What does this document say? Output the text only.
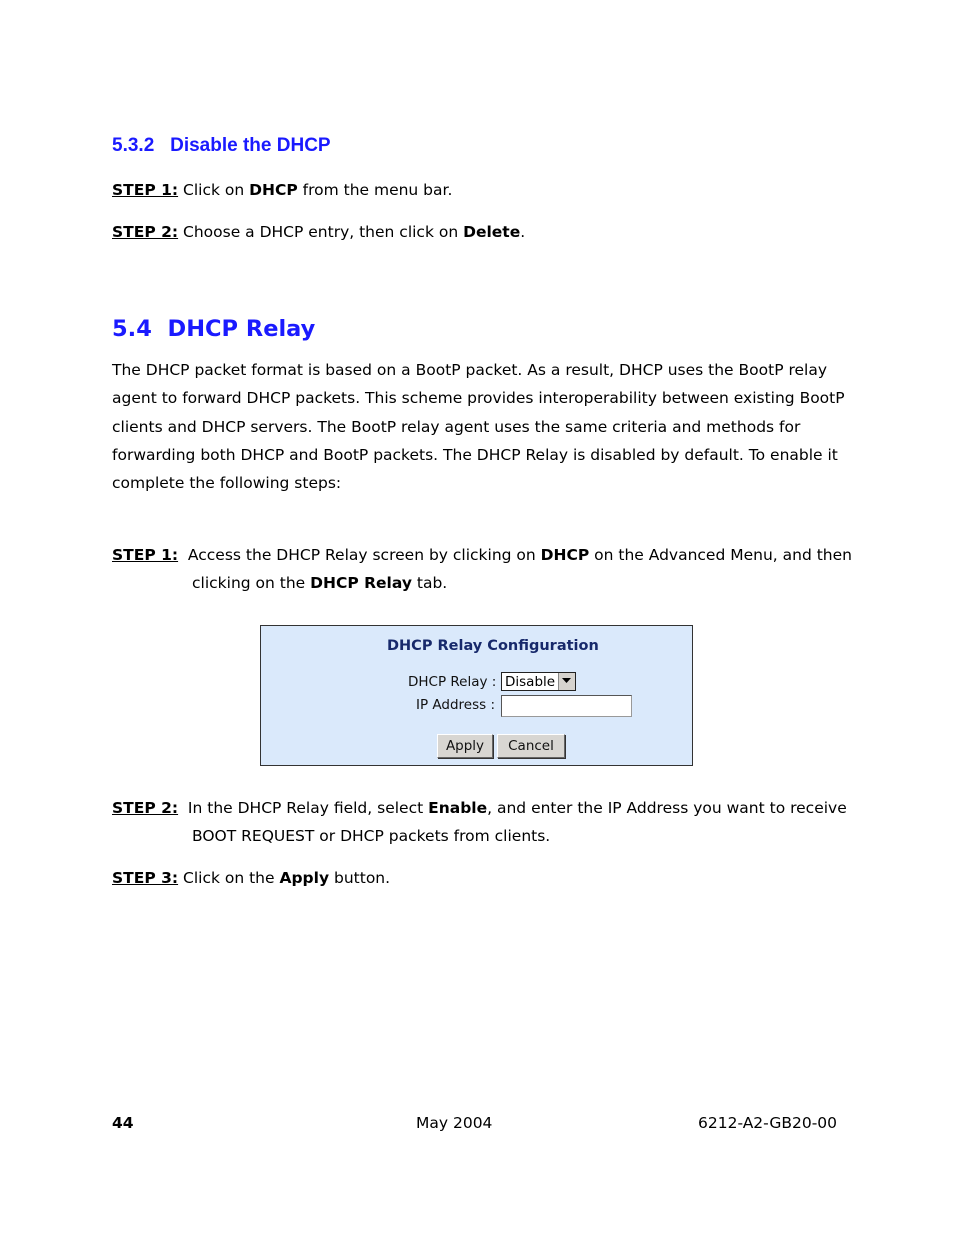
5.3.2 Disable the DHCP
STEP 1: Click on DHCP from the menu bar.
STEP 2: Choose a DHCP entry, then click on Delete.
5.4 DHCP Relay
The DHCP packet format is based on a BootP packet. As a result, DHCP uses the BootP relay agent to forward DHCP packets. This scheme provides interoperability between existing BootP clients and DHCP servers. The BootP relay agent uses the same criteria and methods for forwarding both DHCP and BootP packets. The DHCP Relay is disabled by default. To enable it complete the following steps:
STEP 1:  Access the DHCP Relay screen by clicking on DHCP on the Advanced Menu, and then
clicking on the DHCP Relay tab.
DHCP Relay Configuration
DHCP Relay : Disable
IP Address :
Apply	Cancel
STEP 2:  In the DHCP Relay field, select Enable, and enter the IP Address you want to receive
BOOT REQUEST or DHCP packets from clients.
STEP 3: Click on the Apply button.
44	May 2004	6212-A2-GB20-00
